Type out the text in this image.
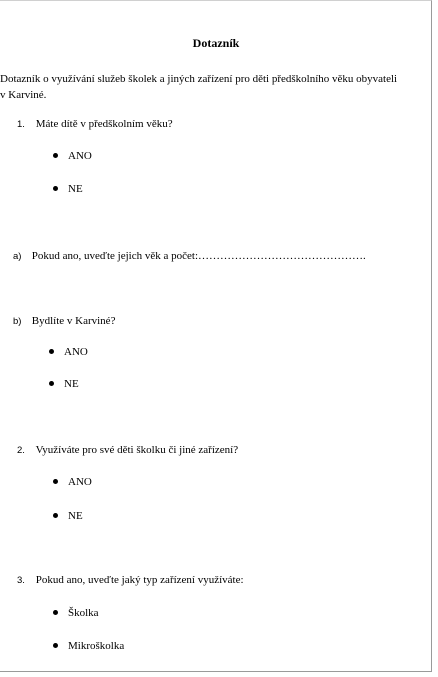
Dotazník
Dotazník o využívání služeb školek a jiných zařízení pro děti předškolního věku obyvateli
v Karviné.
1. Máte dítě v předškolním věku?
ANO
NE
a) Pokud ano, uveďte jejich věk a počet:……………………………………….
b) Bydlíte v Karviné?
ANO
NE
2. Využíváte pro své děti školku či jiné zařízení?
ANO
NE
3. Pokud ano, uveďte jaký typ zařízení využíváte:
Školka
Mikroškolka
